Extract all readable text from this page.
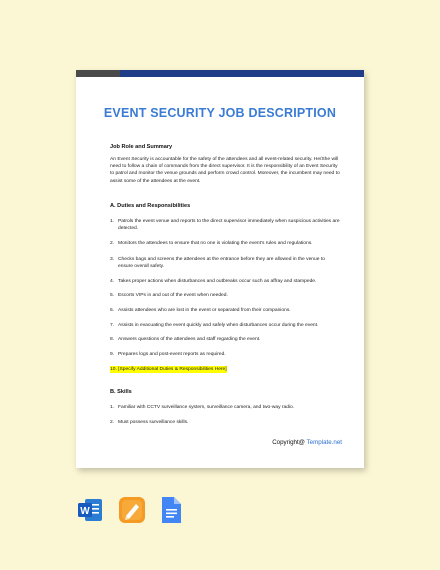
EVENT SECURITY JOB DESCRIPTION
Job Role and Summary
An Event Security is accountable for the safety of the attendees and all event-related security. He/She will need to follow a chain of commands from the direct supervisor. It is the responsibility of an Event Security to patrol and monitor the venue grounds and perform crowd control. Moreover, the incumbent may need to assist some of the attendees at the event.
A. Duties and Responsibilities
1. Patrols the event venue and reports to the direct supervisor immediately when suspicious activities are detected.
2. Monitors the attendees to ensure that no one is violating the event's rules and regulations.
3. Checks bags and screens the attendees at the entrance before they are allowed in the venue to ensure overall safety.
4. Takes proper actions when disturbances and outbreaks occur such as affray and stampede.
5. Escorts VIPs in and out of the event when needed.
6. Assists attendees who are lost in the event or separated from their companions.
7. Assists in evacuating the event quickly and safely when disturbances occur during the event.
8. Answers questions of the attendees and staff regarding the event.
9. Prepares logs and post-event reports as required.
10. [Specify Additional Duties & Responsibilities Here]
B. Skills
1. Familiar with CCTV surveillance system, surveillance camera, and two-way radio.
2. Must possess surveillance skills.
Copyright@ Template.net
W
